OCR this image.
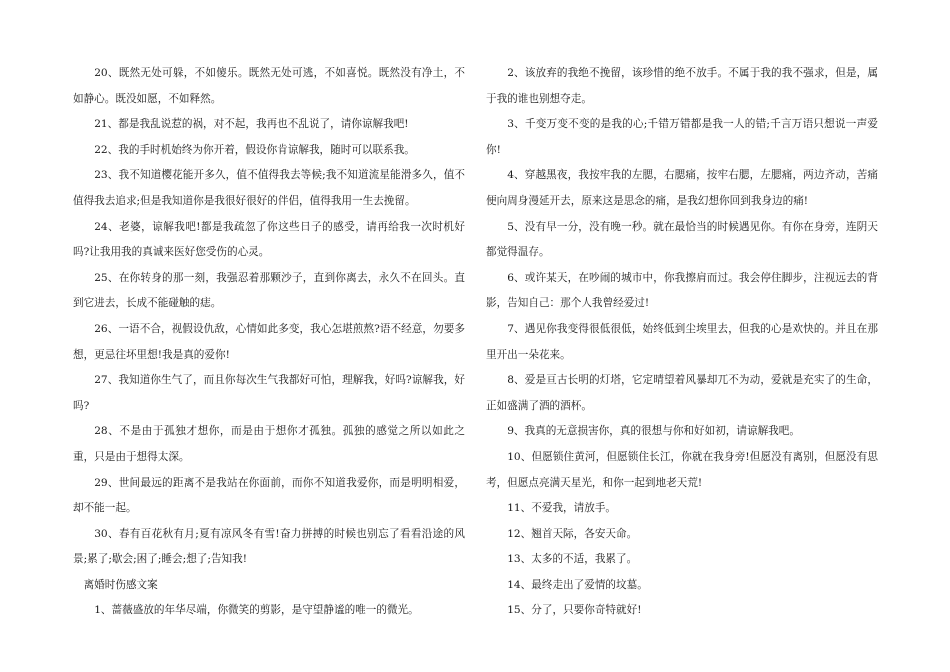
20、既然无处可躲，不如傻乐。既然无处可逃，不如喜悦。既然没有净土，不如静心。既没如愿，不如释然。

21、都是我乱说惹的祸，对不起，我再也不乱说了，请你谅解我吧!

22、我的手时机始终为你开着，假设你肯谅解我，随时可以联系我。

23、我不知道樱花能开多久，值不值得我去等候;我不知道流星能滑多久，值不值得我去追求;但是我知道你是我很好很好的伴侣，值得我用一生去挽留。

24、老婆，谅解我吧!都是我疏忽了你这些日子的感受，请再给我一次时机好吗?让我用我的真诚来医好您受伤的心灵。

25、在你转身的那一刻，我强忍着那颗沙子，直到你离去，永久不在回头。直到它进去，长成不能碰触的痣。

26、一语不合，视假设仇敌，心情如此多变，我心怎堪煎熬?语不经意，勿要多想，更忌往坏里想!我是真的爱你!

27、我知道你生气了，而且你每次生气我都好可怕，理解我，好吗?谅解我，好吗?

28、不是由于孤独才想你，而是由于想你才孤独。孤独的感觉之所以如此之重，只是由于想得太深。

29、世间最远的距离不是我站在你面前，而你不知道我爱你，而是明明相爱，却不能一起。

30、春有百花秋有月;夏有凉风冬有雪!奋力拼搏的时候也别忘了看看沿途的风景;累了;歇会;困了;睡会;想了;告知我!

离婚时伤感文案

1、蔷薇盛放的年华尽端，你微笑的剪影，是守望静谧的唯一的微光。

2、该放弃的我绝不挽留，该珍惜的绝不放手。不属于我的我不强求，但是，属于我的谁也别想夺走。

3、千变万变不变的是我的心;千错万错都是我一人的错;千言万语只想说一声爱你!

4、穿越黑夜，我按牢我的左腮，右腮痛，按牢右腮，左腮痛，两边齐动，苦痛便向周身漫延开去，原来这是思念的痛，是我幻想你回到我身边的痛!

5、没有早一分，没有晚一秒。就在最恰当的时候遇见你。有你在身旁，连阴天都觉得温存。

6、或许某天，在吵闹的城市中，你我擦肩而过。我会停住脚步，注视远去的背影，告知自己：那个人我曾经爱过!

7、遇见你我变得很低很低，始终低到尘埃里去，但我的心是欢快的。并且在那里开出一朵花来。

8、爱是亘古长明的灯塔，它定晴望着风暴却兀不为动，爱就是充实了的生命，正如盛满了酒的酒杯。

9、我真的无意损害你，真的很想与你和好如初，请谅解我吧。

10、但愿锁住黄河，但愿锁住长江，你就在我身旁!但愿没有离别，但愿没有思考，但愿点亮满天星光，和你一起到地老天荒!

11、不爱我，请放手。

12、翘首天际，各安天命。

13、太多的不适，我累了。

14、最终走出了爱情的坟墓。

15、分了，只要你奇特就好!
